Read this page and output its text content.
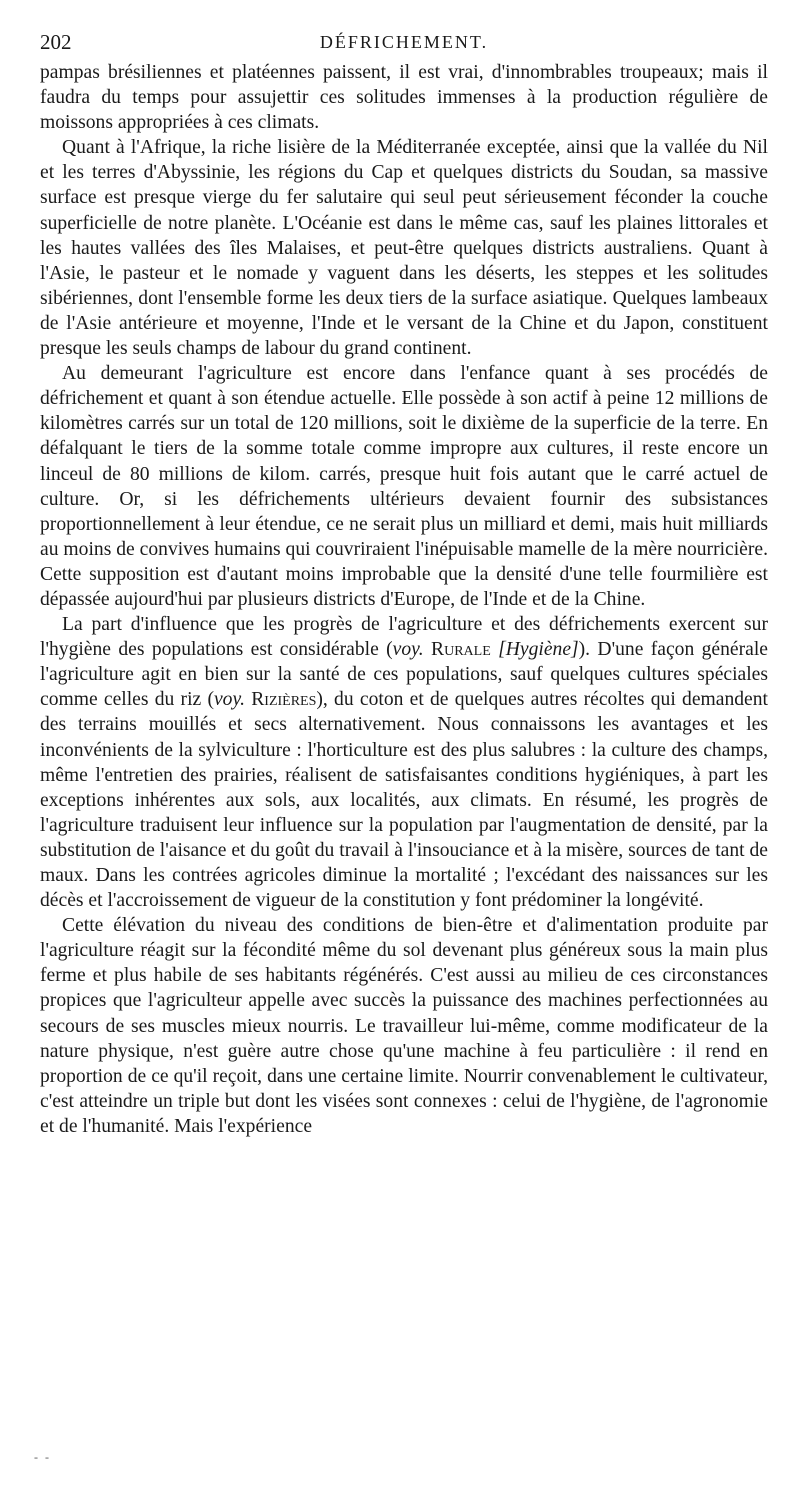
202	DÉFRICHEMENT.

pampas brésiliennes et platéennes paissent, il est vrai, d'innombrables troupeaux; mais il faudra du temps pour assujettir ces solitudes immenses à la production régulière de moissons appropriées à ces climats.

Quant à l'Afrique, la riche lisière de la Méditerranée exceptée, ainsi que la vallée du Nil et les terres d'Abyssinie, les régions du Cap et quelques districts du Soudan, sa massive surface est presque vierge du fer salutaire qui seul peut sérieusement féconder la couche superficielle de notre planète. L'Océanie est dans le même cas, sauf les plaines littorales et les hautes vallées des îles Malaises, et peut-être quelques districts australiens. Quant à l'Asie, le pasteur et le nomade y vaguent dans les déserts, les steppes et les solitudes sibériennes, dont l'ensemble forme les deux tiers de la surface asiatique. Quelques lambeaux de l'Asie antérieure et moyenne, l'Inde et le versant de la Chine et du Japon, constituent presque les seuls champs de labour du grand continent.

Au demeurant l'agriculture est encore dans l'enfance quant à ses procédés de défrichement et quant à son étendue actuelle. Elle possède à son actif à peine 12 millions de kilomètres carrés sur un total de 120 millions, soit le dixième de la superficie de la terre. En défalquant le tiers de la somme totale comme impropre aux cultures, il reste encore un linceul de 80 millions de kilom. carrés, presque huit fois autant que le carré actuel de culture. Or, si les défrichements ultérieurs devaient fournir des subsistances proportionnellement à leur étendue, ce ne serait plus un milliard et demi, mais huit milliards au moins de convives humains qui couvriraient l'inépuisable mamelle de la mère nourricière. Cette supposition est d'autant moins improbable que la densité d'une telle fourmilière est dépassée aujourd'hui par plusieurs districts d'Europe, de l'Inde et de la Chine.

La part d'influence que les progrès de l'agriculture et des défrichements exercent sur l'hygiène des populations est considérable (voy. Rurale [Hygiène]). D'une façon générale l'agriculture agit en bien sur la santé de ces populations, sauf quelques cultures spéciales comme celles du riz (voy. Rizières), du coton et de quelques autres récoltes qui demandent des terrains mouillés et secs alternativement. Nous connaissons les avantages et les inconvénients de la sylviculture : l'horticulture est des plus salubres : la culture des champs, même l'entretien des prairies, réalisent de satisfaisantes conditions hygiéniques, à part les exceptions inhérentes aux sols, aux localités, aux climats. En résumé, les progrès de l'agriculture traduisent leur influence sur la population par l'augmentation de densité, par la substitution de l'aisance et du goût du travail à l'insouciance et à la misère, sources de tant de maux. Dans les contrées agricoles diminue la mortalité ; l'excédant des naissances sur les décès et l'accroissement de vigueur de la constitution y font prédominer la longévité.

Cette élévation du niveau des conditions de bien-être et d'alimentation produite par l'agriculture réagit sur la fécondité même du sol devenant plus généreux sous la main plus ferme et plus habile de ses habitants régénérés. C'est aussi au milieu de ces circonstances propices que l'agriculteur appelle avec succès la puissance des machines perfectionnées au secours de ses muscles mieux nourris. Le travailleur lui-même, comme modificateur de la nature physique, n'est guère autre chose qu'une machine à feu particulière : il rend en proportion de ce qu'il reçoit, dans une certaine limite. Nourrir convenablement le cultivateur, c'est atteindre un triple but dont les visées sont connexes : celui de l'hygiène, de l'agronomie et de l'humanité. Mais l'expérience

- -
